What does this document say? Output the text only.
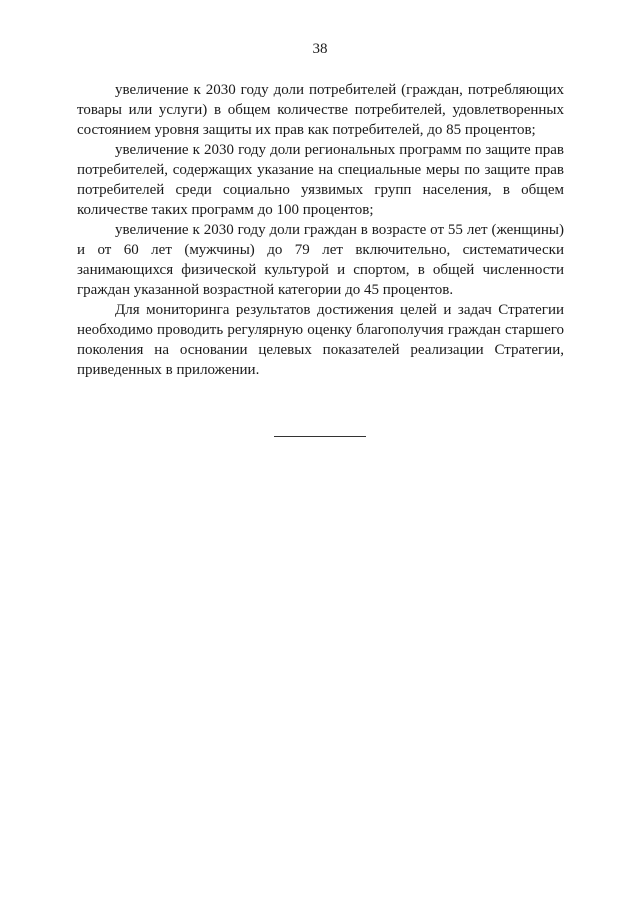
38

увеличение к 2030 году доли потребителей (граждан, потребляющих товары или услуги) в общем количестве потребителей, удовлетворенных состоянием уровня защиты их прав как потребителей, до 85 процентов;

увеличение к 2030 году доли региональных программ по защите прав потребителей, содержащих указание на специальные меры по защите прав потребителей среди социально уязвимых групп населения, в общем количестве таких программ до 100 процентов;

увеличение к 2030 году доли граждан в возрасте от 55 лет (женщины) и от 60 лет (мужчины) до 79 лет включительно, систематически занимающихся физической культурой и спортом, в общей численности граждан указанной возрастной категории до 45 процентов.

Для мониторинга результатов достижения целей и задач Стратегии необходимо проводить регулярную оценку благополучия граждан старшего поколения на основании целевых показателей реализации Стратегии, приведенных в приложении.
